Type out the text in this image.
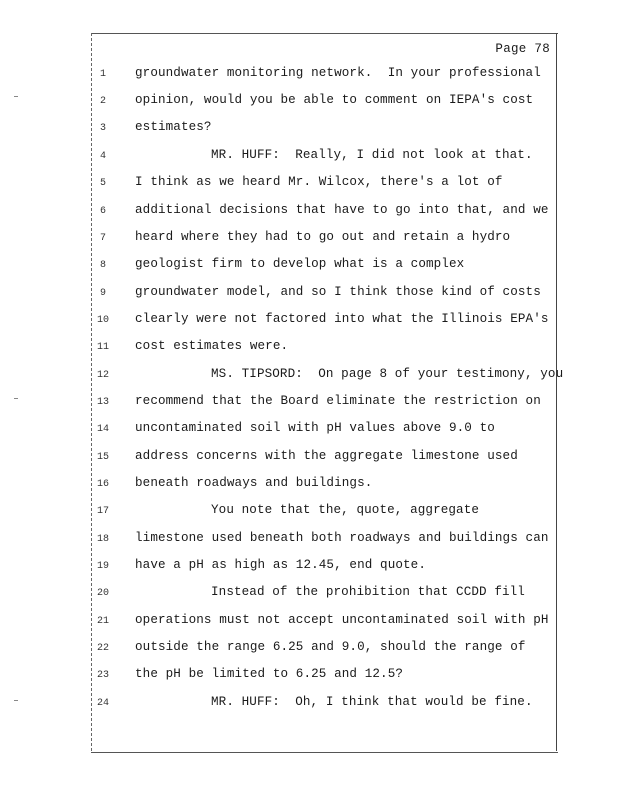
Page 78
1	groundwater monitoring network.  In your professional
2	opinion, would you be able to comment on IEPA's cost
3	estimates?
4	MR. HUFF:  Really, I did not look at that.
5	I think as we heard Mr. Wilcox, there's a lot of
6	additional decisions that have to go into that, and we
7	heard where they had to go out and retain a hydro
8	geologist firm to develop what is a complex
9	groundwater model, and so I think those kind of costs
10	clearly were not factored into what the Illinois EPA's
11	cost estimates were.
12	MS. TIPSORD:  On page 8 of your testimony, you
13	recommend that the Board eliminate the restriction on
14	uncontaminated soil with pH values above 9.0 to
15	address concerns with the aggregate limestone used
16	beneath roadways and buildings.
17	You note that the, quote, aggregate
18	limestone used beneath both roadways and buildings can
19	have a pH as high as 12.45, end quote.
20	Instead of the prohibition that CCDD fill
21	operations must not accept uncontaminated soil with pH
22	outside the range 6.25 and 9.0, should the range of
23	the pH be limited to 6.25 and 12.5?
24	MR. HUFF:  Oh, I think that would be fine.
